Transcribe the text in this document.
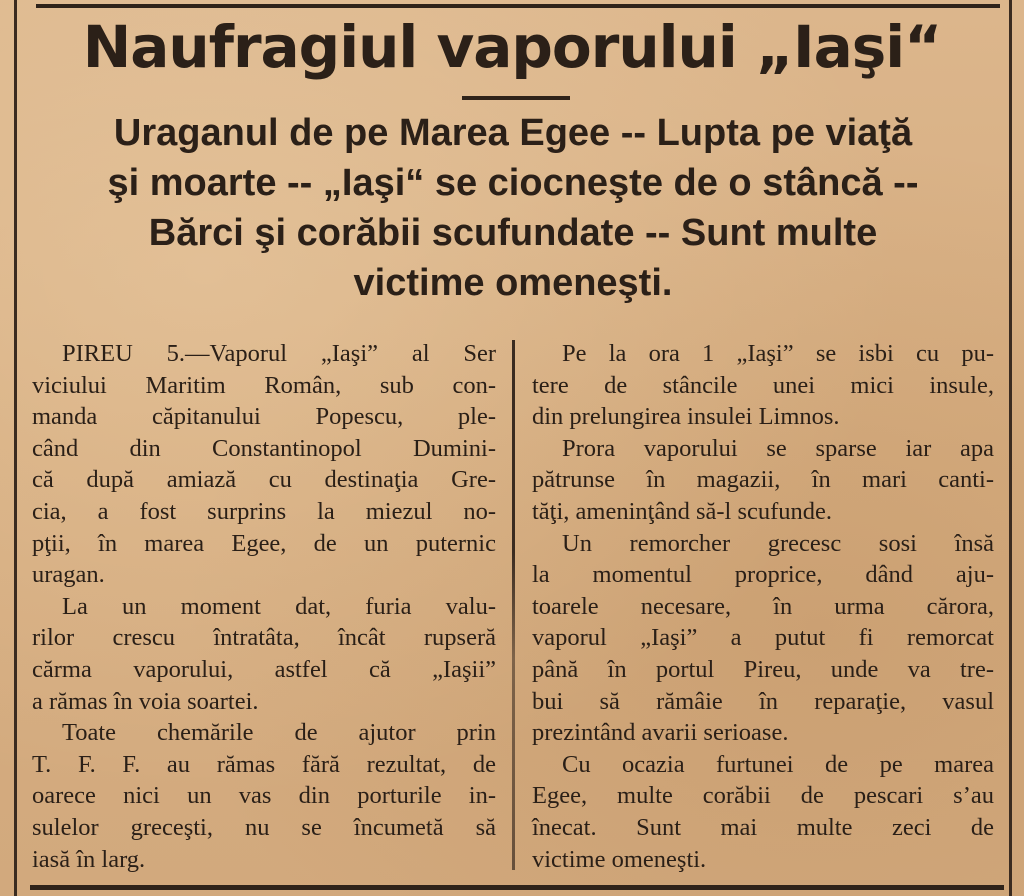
Naufragiul vaporului „Iaşi“
Uraganul de pe Marea Egee -- Lupta pe viaţă
şi moarte -- „Iaşi“ se ciocneşte de o stâncă --
Bărci şi corăbii scufundate -- Sunt multe
victime omeneşti.

PIREU 5.—Vaporul „Iaşi” al Ser
viciului Maritim Român, sub con-
manda căpitanului Popescu, ple-
când din Constantinopol Dumini-
că după amiază cu destinaţia Gre-
cia, a fost surprins la miezul no-
pţii, în marea Egee, de un puternic
uragan.

La un moment dat, furia valu-
rilor crescu întratâta, încât rupseră
cărma vaporului, astfel că „Iaşii”
a rămas în voia soartei.

Toate chemările de ajutor prin
T. F. F. au rămas fără rezultat, de
oarece nici un vas din porturile in-
sulelor greceşti, nu se încumetă să
iasă în larg.

Pe la ora 1 „Iaşi” se isbi cu pu-
tere de stâncile unei mici insule,
din prelungirea insulei Limnos.

Prora vaporului se sparse iar apa
pătrunse în magazii, în mari canti-
tăţi, ameninţând să-l scufunde.

Un remorcher grecesc sosi însă
la momentul proprice, dând aju-
toarele necesare, în urma cărora,
vaporul „Iaşi” a putut fi remorcat
până în portul Pireu, unde va tre-
bui să rămâie în reparaţie, vasul
prezintând avarii serioase.

Cu ocazia furtunei de pe marea
Egee, multe corăbii de pescari s’au
înecat. Sunt mai multe zeci de
victime omeneşti.
